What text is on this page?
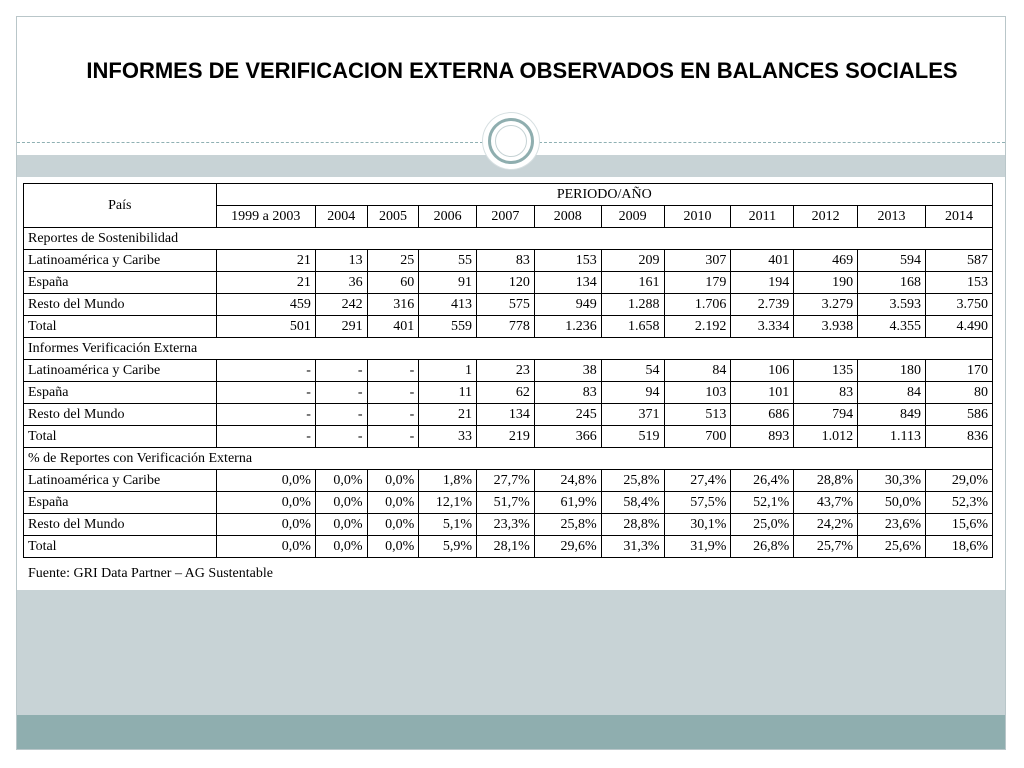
INFORMES DE VERIFICACION EXTERNA OBSERVADOS EN BALANCES SOCIALES
País	PERIODO/AÑO											
	1999 a 2003	2004	2005	2006	2007	2008	2009	2010	2011	2012	2013	2014
Reportes de Sostenibilidad												
Latinoamérica y Caribe	21	13	25	55	83	153	209	307	401	469	594	587
España	21	36	60	91	120	134	161	179	194	190	168	153
Resto del Mundo	459	242	316	413	575	949	1.288	1.706	2.739	3.279	3.593	3.750
Total	501	291	401	559	778	1.236	1.658	2.192	3.334	3.938	4.355	4.490
Informes Verificación Externa												
Latinoamérica y Caribe	-	-	-	1	23	38	54	84	106	135	180	170
España	-	-	-	11	62	83	94	103	101	83	84	80
Resto del Mundo	-	-	-	21	134	245	371	513	686	794	849	586
Total	-	-	-	33	219	366	519	700	893	1.012	1.113	836
% de Reportes con Verificación Externa												
Latinoamérica y Caribe	0,0%	0,0%	0,0%	1,8%	27,7%	24,8%	25,8%	27,4%	26,4%	28,8%	30,3%	29,0%
España	0,0%	0,0%	0,0%	12,1%	51,7%	61,9%	58,4%	57,5%	52,1%	43,7%	50,0%	52,3%
Resto del Mundo	0,0%	0,0%	0,0%	5,1%	23,3%	25,8%	28,8%	30,1%	25,0%	24,2%	23,6%	15,6%
Total	0,0%	0,0%	0,0%	5,9%	28,1%	29,6%	31,3%	31,9%	26,8%	25,7%	25,6%	18,6%
Fuente: GRI Data Partner – AG Sustentable
